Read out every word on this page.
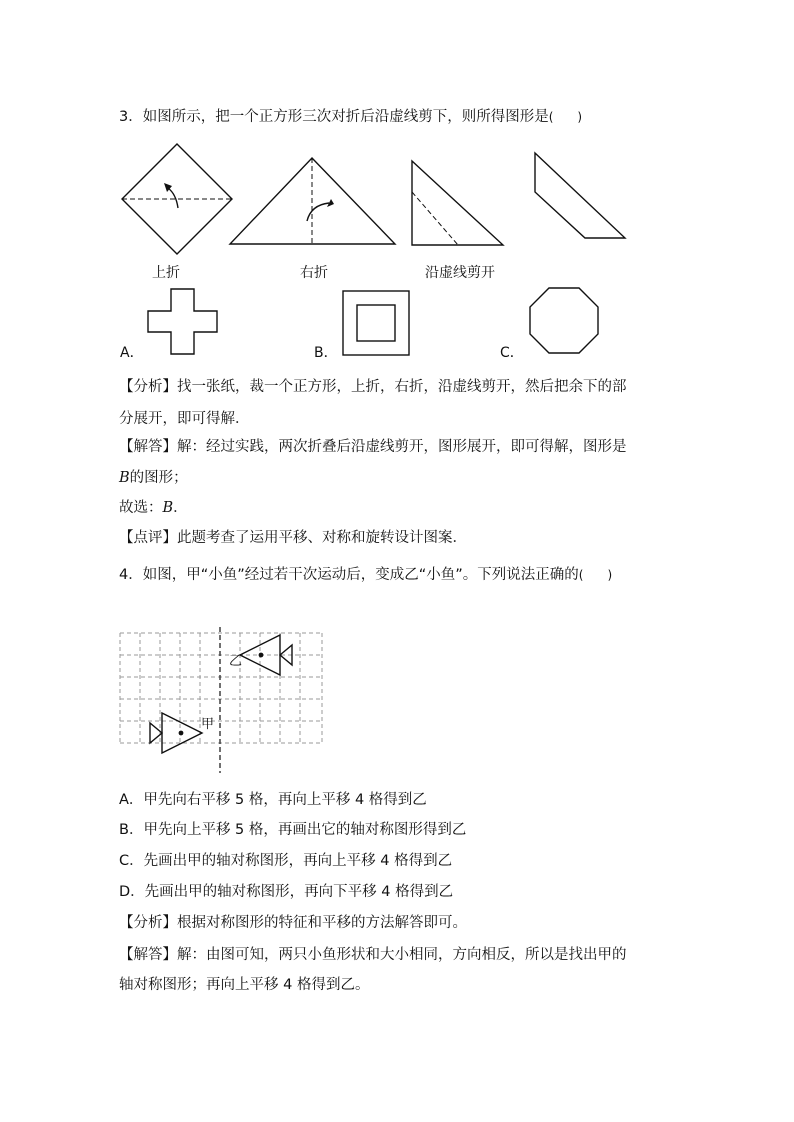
3．如图所示，把一个正方形三次对折后沿虚线剪下，则所得图形是(　　)
上折	右折	沿虚线剪开
A．	B．	C．
【分析】找一张纸，裁一个正方形，上折，右折，沿虚线剪开，然后把余下的部
分展开，即可得解．
【解答】解：经过实践，两次折叠后沿虚线剪开，图形展开，即可得解，图形是
B的图形；
故选：B．
【点评】此题考查了运用平移、对称和旋转设计图案．
4．如图，甲“小鱼”经过若干次运动后，变成乙“小鱼”。下列说法正确的(　　)
乙
甲
A．甲先向右平移 5 格，再向上平移 4 格得到乙
B．甲先向上平移 5 格，再画出它的轴对称图形得到乙
C．先画出甲的轴对称图形，再向上平移 4 格得到乙
D．先画出甲的轴对称图形，再向下平移 4 格得到乙
【分析】根据对称图形的特征和平移的方法解答即可。
【解答】解：由图可知，两只小鱼形状和大小相同，方向相反，所以是找出甲的
轴对称图形；再向上平移 4 格得到乙。
